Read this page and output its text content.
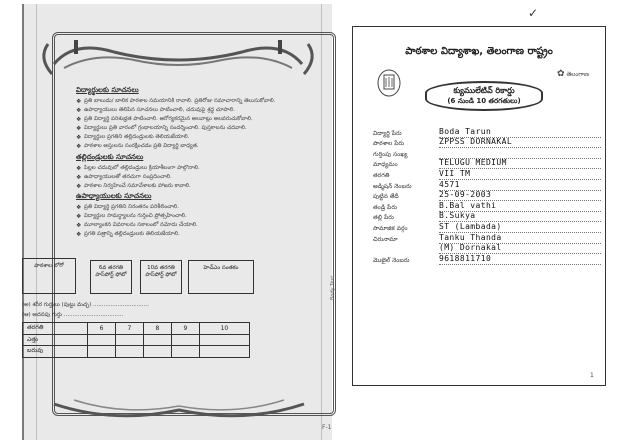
విద్యార్థులకు సూచనలు
❖ ప్రతి బాలుడు/ బాలిక పాఠశాల సమయానికి రావాలి. ప్రతిరోజు సమాచారాన్ని తెలుసుకోవాలి.
❖ ఉపాధ్యాయులు తెలిపిన సూచనలు పాటించాలి, చదువుపై శ్రద్ధ చూపాలి.
❖ ప్రతి విద్యార్థి పరిశుభ్రత పాటించాలి. ఆరోగ్యకరమైన అలవాట్లు అలవరుచుకోవాలి.
❖ విద్యార్థులు ప్రతి వారంలో గ్రంథాలయాన్ని సందర్శించాలి. పుస్తకాలను చదవాలి.
❖ విద్యార్థుల ప్రగతిని తల్లిదండ్రులకు తెలియజేయాలి.
❖ పాఠశాల ఆస్తులను సంరక్షించడం ప్రతి విద్యార్థి బాధ్యత.
తల్లిదండ్రులకు సూచనలు
❖ పిల్లల చదువులో తల్లిదండ్రులు క్రియాశీలంగా పాల్గొనాలి.
❖ ఉపాధ్యాయులతో తరచుగా సంప్రదించాలి.
❖ పాఠశాల నిర్వహించే సమావేశాలకు హాజరు కావాలి.
ఉపాధ్యాయులకు సూచనలు
❖ ప్రతి విద్యార్థి ప్రగతిని నిరంతరం పరిశీలించాలి.
❖ విద్యార్థుల సామర్థ్యాలను గుర్తించి ప్రోత్సహించాలి.
❖ మూల్యాంకన వివరాలను సకాలంలో నమోదు చేయాలి.
❖ ప్రగతి పత్రాన్ని తల్లిదండ్రులకు తెలియజేయాలి.
Body Text
F-1
✓
పాఠశాల విద్యాశాఖ, తెలంగాణ రాష్ట్రం
✿ తెలంగాణ
క్యుములేటివ్ రికార్డు
(6 నుండి 10 తరగతులు)
విద్యార్థి పేరు	Boda Tarun
పాఠశాల పేరు	ZPPSS DORNAKAL
గుర్తింపు సంఖ్య
మాధ్యమం	TELUGU MEDIUM
తరగతి	VII TM
అడ్మిషన్ నెంబరు	4571
పుట్టిన తేదీ	25-09-2003
తండ్రి పేరు	B.Bal vathi
తల్లి పేరు	B.Sukya
సామాజిక వర్గం	ST (Lambada)
చిరునామా	Tanku Thanda
(M) Dornakal
మొబైల్ నెంబరు	9618811710
పాఠశాల లోగో	6వ తరగతి పాస్‌పోర్ట్ ఫోటో
10వ తరగతి పాస్‌పోర్ట్ ఫోటో
హెచ్‌ఎం సంతకం
(అ) శరీర గుర్తులు (పుట్టు మచ్చ) ................................
(ఆ) అదనపు గుర్తు ..................................
తరగతి	6	7	8	9	10
ఎత్తు					
బరువు					
1
